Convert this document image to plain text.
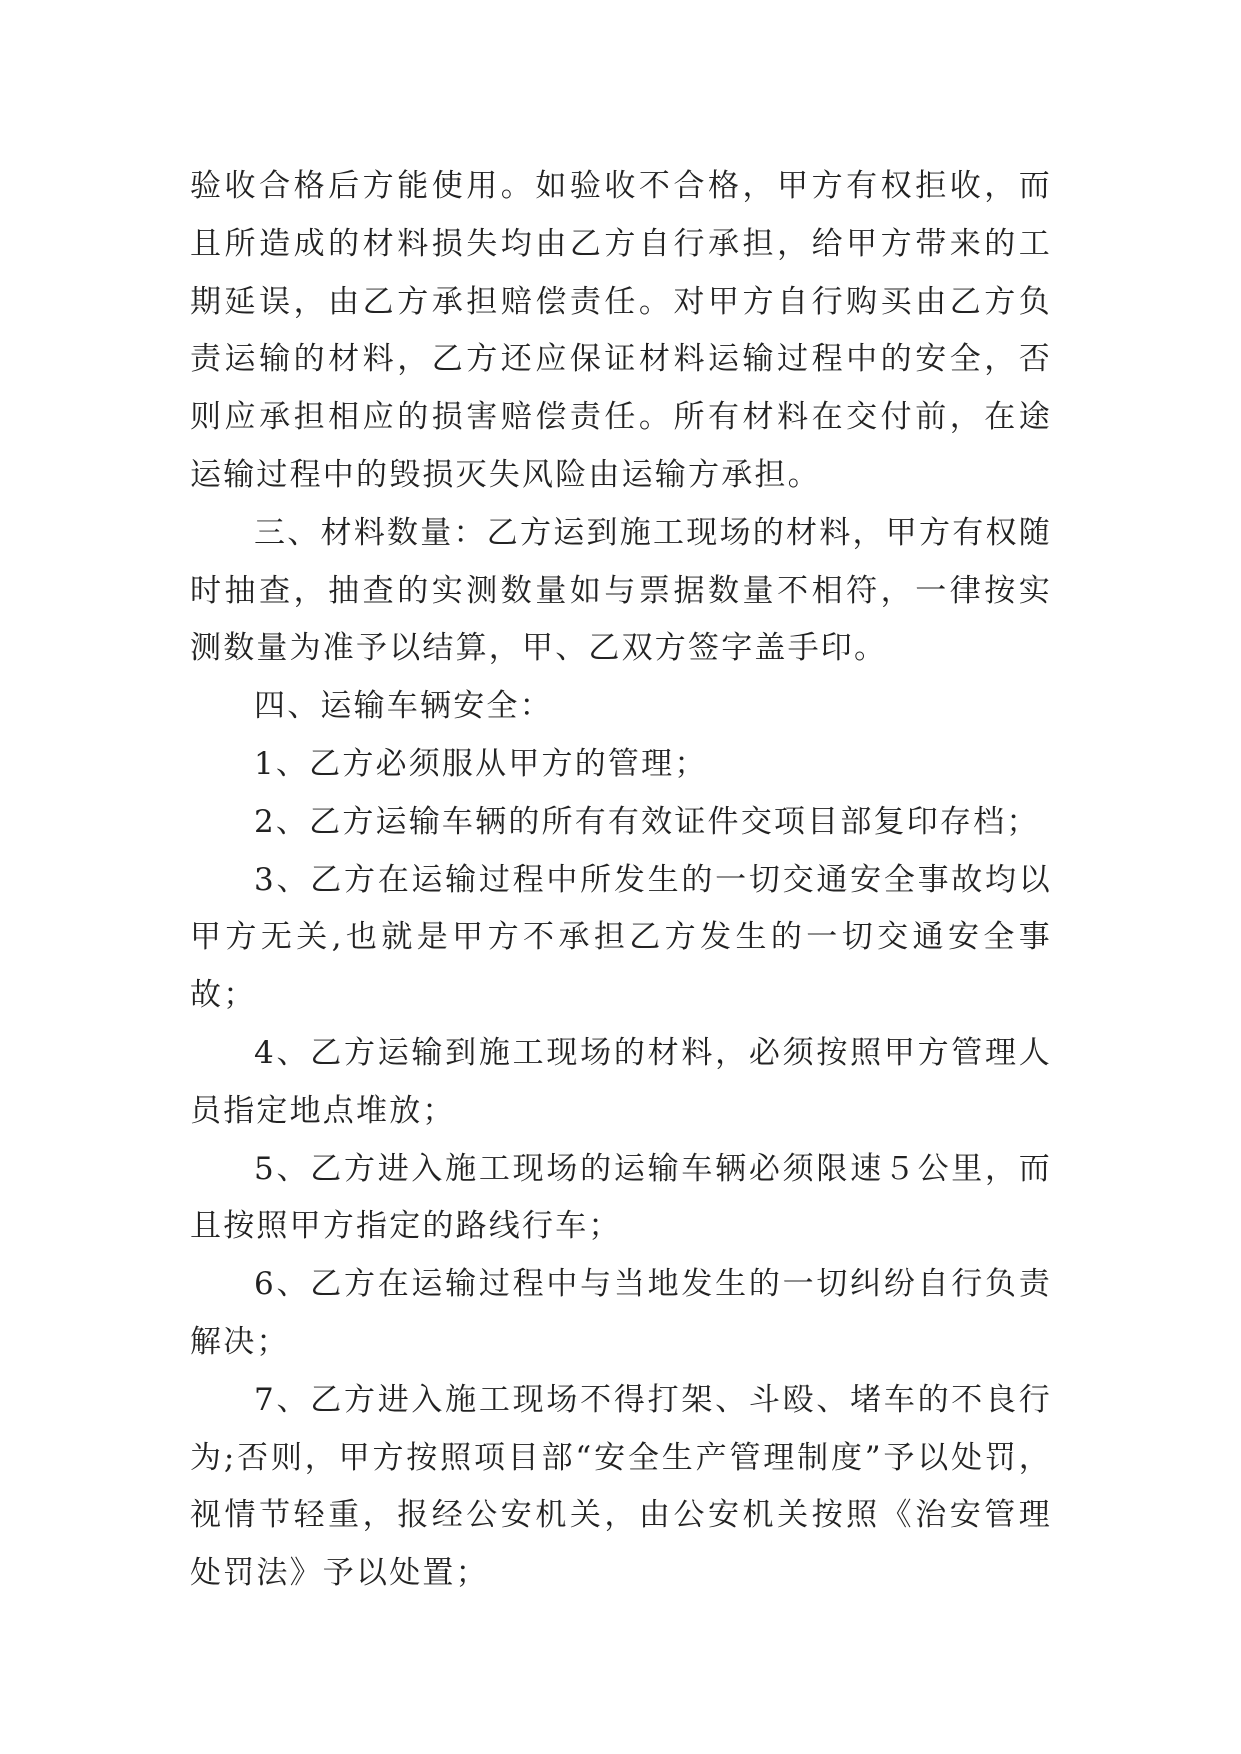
验收合格后方能使用。如验收不合格，甲方有权拒收，而且所造成的材料损失均由乙方自行承担，给甲方带来的工期延误，由乙方承担赔偿责任。对甲方自行购买由乙方负责运输的材料，乙方还应保证材料运输过程中的安全，否则应承担相应的损害赔偿责任。所有材料在交付前，在途运输过程中的毁损灭失风险由运输方承担。

三、材料数量：乙方运到施工现场的材料，甲方有权随时抽查，抽查的实测数量如与票据数量不相符，一律按实测数量为准予以结算，甲、乙双方签字盖手印。

四、运输车辆安全：

1、乙方必须服从甲方的管理；

2、乙方运输车辆的所有有效证件交项目部复印存档；

3、乙方在运输过程中所发生的一切交通安全事故均以甲方无关,也就是甲方不承担乙方发生的一切交通安全事故；

4、乙方运输到施工现场的材料，必须按照甲方管理人员指定地点堆放；

5、乙方进入施工现场的运输车辆必须限速５公里，而且按照甲方指定的路线行车；

6、乙方在运输过程中与当地发生的一切纠纷自行负责解决；

7、乙方进入施工现场不得打架、斗殴、堵车的不良行为;否则，甲方按照项目部“安全生产管理制度”予以处罚，视情节轻重，报经公安机关，由公安机关按照《治安管理处罚法》予以处置；
